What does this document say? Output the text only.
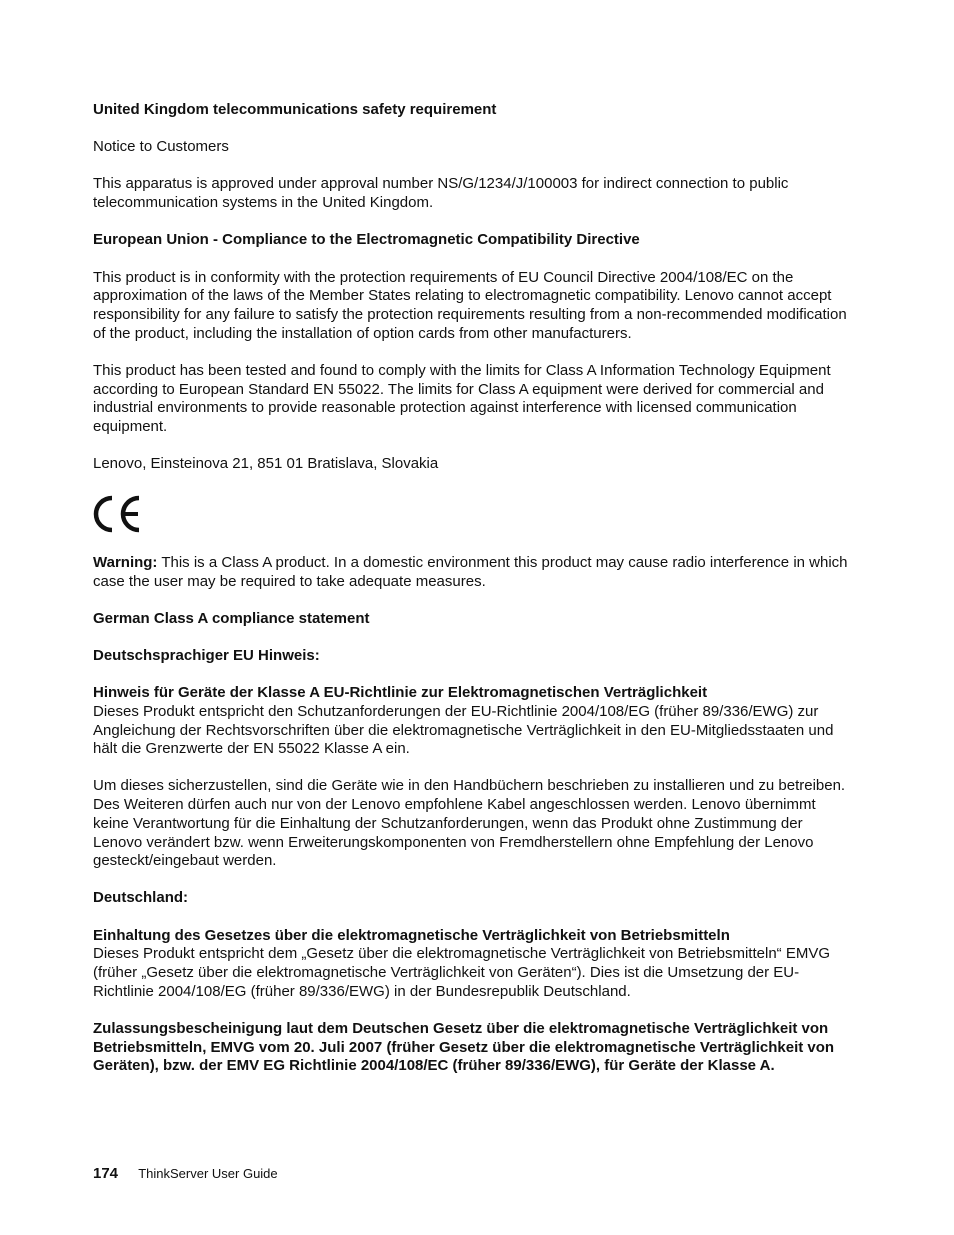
United Kingdom telecommunications safety requirement

Notice to Customers

This apparatus is approved under approval number NS/G/1234/J/100003 for indirect connection to public telecommunication systems in the United Kingdom.

European Union - Compliance to the Electromagnetic Compatibility Directive

This product is in conformity with the protection requirements of EU Council Directive 2004/108/EC on the approximation of the laws of the Member States relating to electromagnetic compatibility. Lenovo cannot accept responsibility for any failure to satisfy the protection requirements resulting from a non-recommended modification of the product, including the installation of option cards from other manufacturers.

This product has been tested and found to comply with the limits for Class A Information Technology Equipment according to European Standard EN 55022. The limits for Class A equipment were derived for commercial and industrial environments to provide reasonable protection against interference with licensed communication equipment.

Lenovo, Einsteinova 21, 851 01 Bratislava, Slovakia

Warning: This is a Class A product. In a domestic environment this product may cause radio interference in which case the user may be required to take adequate measures.

German Class A compliance statement

Deutschsprachiger EU Hinweis:

Hinweis für Geräte der Klasse A EU-Richtlinie zur Elektromagnetischen Verträglichkeit

Dieses Produkt entspricht den Schutzanforderungen der EU-Richtlinie 2004/108/EG (früher 89/336/EWG) zur Angleichung der Rechtsvorschriften über die elektromagnetische Verträglichkeit in den EU-Mitgliedsstaaten und hält die Grenzwerte der EN 55022 Klasse A ein.

Um dieses sicherzustellen, sind die Geräte wie in den Handbüchern beschrieben zu installieren und zu betreiben. Des Weiteren dürfen auch nur von der Lenovo empfohlene Kabel angeschlossen werden. Lenovo übernimmt keine Verantwortung für die Einhaltung der Schutzanforderungen, wenn das Produkt ohne Zustimmung der Lenovo verändert bzw. wenn Erweiterungskomponenten von Fremdherstellern ohne Empfehlung der Lenovo gesteckt/eingebaut werden.

Deutschland:

Einhaltung des Gesetzes über die elektromagnetische Verträglichkeit von Betriebsmitteln

Dieses Produkt entspricht dem „Gesetz über die elektromagnetische Verträglichkeit von Betriebsmitteln“ EMVG (früher „Gesetz über die elektromagnetische Verträglichkeit von Geräten“). Dies ist die Umsetzung der EU-Richtlinie 2004/108/EG (früher 89/336/EWG) in der Bundesrepublik Deutschland.

Zulassungsbescheinigung laut dem Deutschen Gesetz über die elektromagnetische Verträglichkeit von Betriebsmitteln, EMVG vom 20. Juli 2007 (früher Gesetz über die elektromagnetische Verträglichkeit von Geräten), bzw. der EMV EG Richtlinie 2004/108/EC (früher 89/336/EWG), für Geräte der Klasse A.

174 ThinkServer User Guide
